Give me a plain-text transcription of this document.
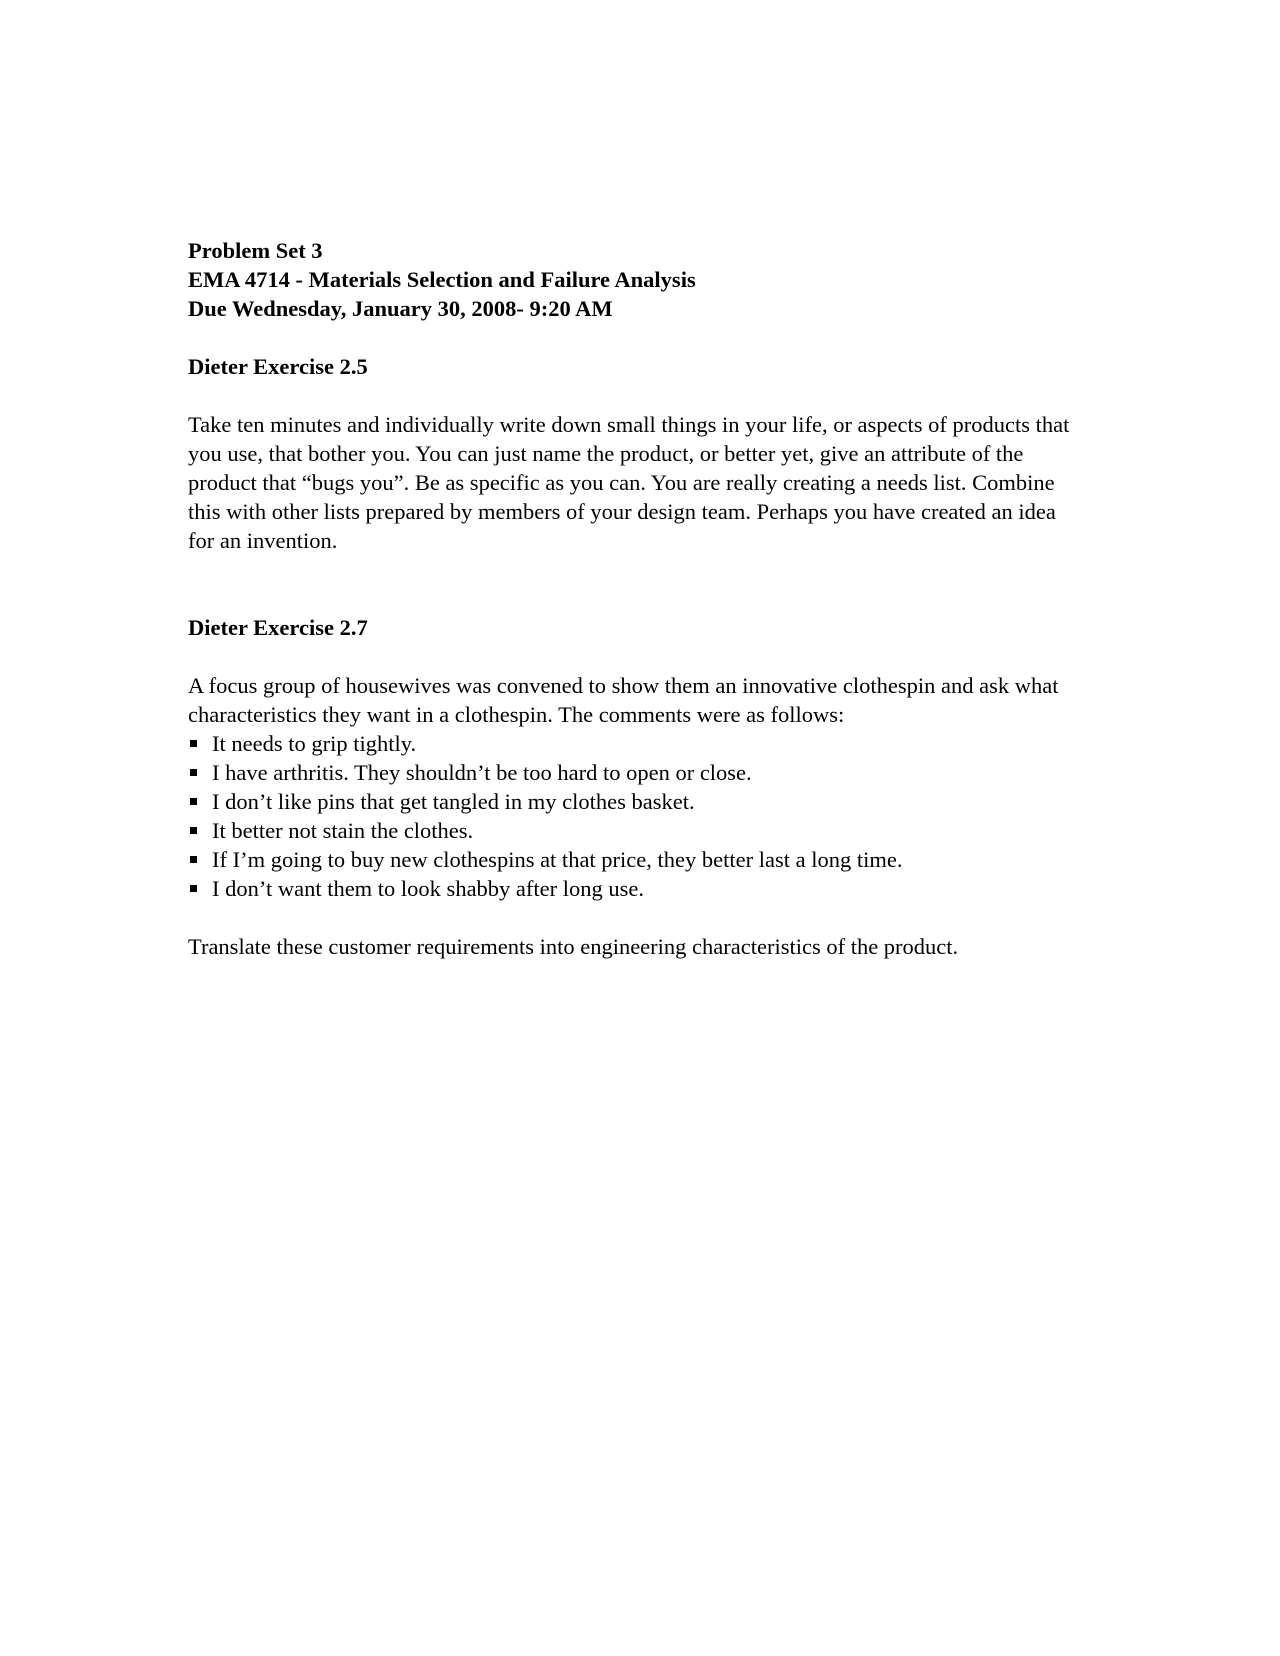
Problem Set 3
EMA 4714 - Materials Selection and Failure Analysis
Due Wednesday, January 30, 2008- 9:20 AM
Dieter Exercise 2.5

Take ten minutes and individually write down small things in your life, or aspects of products that you use, that bother you. You can just name the product, or better yet, give an attribute of the product that “bugs you”. Be as specific as you can. You are really creating a needs list. Combine this with other lists prepared by members of your design team. Perhaps you have created an idea for an invention.

Dieter Exercise 2.7

A focus group of housewives was convened to show them an innovative clothespin and ask what characteristics they want in a clothespin. The comments were as follows:

It needs to grip tightly.
I have arthritis. They shouldn’t be too hard to open or close.
I don’t like pins that get tangled in my clothes basket.
It better not stain the clothes.
If I’m going to buy new clothespins at that price, they better last a long time.
I don’t want them to look shabby after long use.

Translate these customer requirements into engineering characteristics of the product.
